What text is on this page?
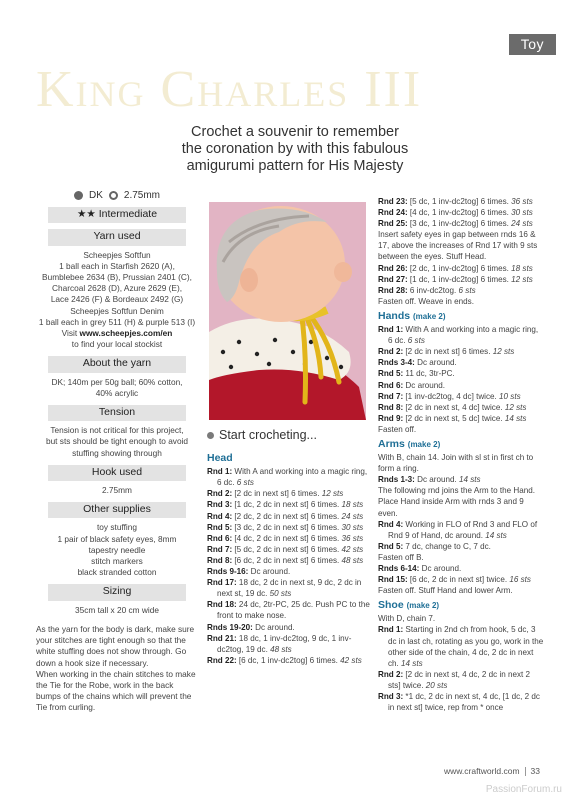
Toy
King Charles III
Crochet a souvenir to remember
the coronation by with this fabulous
amigurumi pattern for His Majesty
DK 2.75mm
★★ Intermediate
Yarn used
Scheepjes Softfun
1 ball each in Starfish 2620 (A),
Bumblebee 2634 (B), Prussian 2401 (C),
Charcoal 2628 (D), Azure 2629 (E),
Lace 2426 (F) & Bordeaux 2492 (G)
Scheepjes Softfun Denim
1 ball each in grey 511 (H) & purple 513 (I)
Visit www.scheepjes.com/en
to find your local stockist
About the yarn
DK; 140m per 50g ball; 60% cotton,
40% acrylic
Tension
Tension is not critical for this project,
but sts should be tight enough to avoid
stuffing showing through
Hook used
2.75mm
Other supplies
toy stuffing
1 pair of black safety eyes, 8mm
tapestry needle
stitch markers
black stranded cotton
Sizing
35cm tall x 20 cm wide
As the yarn for the body is dark, make sure your stitches are tight enough so that the white stuffing does not show through. Go down a hook size if necessary.
When working in the chain stitches to make the Tie for the Robe, work in the back bumps of the chains which will prevent the Tie from curling.
Start crocheting...
Head
Rnd 1: With A and working into a magic ring, 6 dc. 6 sts
Rnd 2: [2 dc in next st] 6 times. 12 sts
Rnd 3: [1 dc, 2 dc in next st] 6 times. 18 sts
Rnd 4: [2 dc, 2 dc in next st] 6 times. 24 sts
Rnd 5: [3 dc, 2 dc in next st] 6 times. 30 sts
Rnd 6: [4 dc, 2 dc in next st] 6 times. 36 sts
Rnd 7: [5 dc, 2 dc in next st] 6 times. 42 sts
Rnd 8: [6 dc, 2 dc in next st] 6 times. 48 sts
Rnds 9-16: Dc around.
Rnd 17: 18 dc, 2 dc in next st, 9 dc, 2 dc in next st, 19 dc. 50 sts
Rnd 18: 24 dc, 2tr-PC, 25 dc. Push PC to the front to make nose.
Rnds 19-20: Dc around.
Rnd 21: 18 dc, 1 inv-dc2tog, 9 dc, 1 inv-dc2tog, 19 dc. 48 sts
Rnd 22: [6 dc, 1 inv-dc2tog] 6 times. 42 sts
Rnd 23: [5 dc, 1 inv-dc2tog] 6 times. 36 sts
Rnd 24: [4 dc, 1 inv-dc2tog] 6 times. 30 sts
Rnd 25: [3 dc, 1 inv-dc2tog] 6 times. 24 sts
Insert safety eyes in gap between rnds 16 & 17, above the increases of Rnd 17 with 9 sts between the eyes. Stuff Head.
Rnd 26: [2 dc, 1 inv-dc2tog] 6 times. 18 sts
Rnd 27: [1 dc, 1 inv-dc2tog] 6 times. 12 sts
Rnd 28: 6 inv-dc2tog. 6 sts
Fasten off. Weave in ends.
Hands (make 2)
Rnd 1: With A and working into a magic ring, 6 dc. 6 sts
Rnd 2: [2 dc in next st] 6 times. 12 sts
Rnds 3-4: Dc around.
Rnd 5: 11 dc, 3tr-PC.
Rnd 6: Dc around.
Rnd 7: [1 inv-dc2tog, 4 dc] twice. 10 sts
Rnd 8: [2 dc in next st, 4 dc] twice. 12 sts
Rnd 9: [2 dc in next st, 5 dc] twice. 14 sts
Fasten off.
Arms (make 2)
With B, chain 14. Join with sl st in first ch to form a ring.
Rnds 1-3: Dc around. 14 sts
The following rnd joins the Arm to the Hand. Place Hand inside Arm with rnds 3 and 9 even.
Rnd 4: Working in FLO of Rnd 3 and FLO of Rnd 9 of Hand, dc around. 14 sts
Rnd 5: 7 dc, change to C, 7 dc.
Fasten off B.
Rnds 6-14: Dc around.
Rnd 15: [6 dc, 2 dc in next st] twice. 16 sts
Fasten off. Stuff Hand and lower Arm.
Shoe (make 2)
With D, chain 7.
Rnd 1: Starting in 2nd ch from hook, 5 dc, 3 dc in last ch, rotating as you go, work in the other side of the chain, 4 dc, 2 dc in next ch. 14 sts
Rnd 2: [2 dc in next st, 4 dc, 2 dc in next 2 sts] twice. 20 sts
Rnd 3: *1 dc, 2 dc in next st, 4 dc, [1 dc, 2 dc in next st] twice, rep from * once
www.craftworld.com 33
PassionForum.ru
